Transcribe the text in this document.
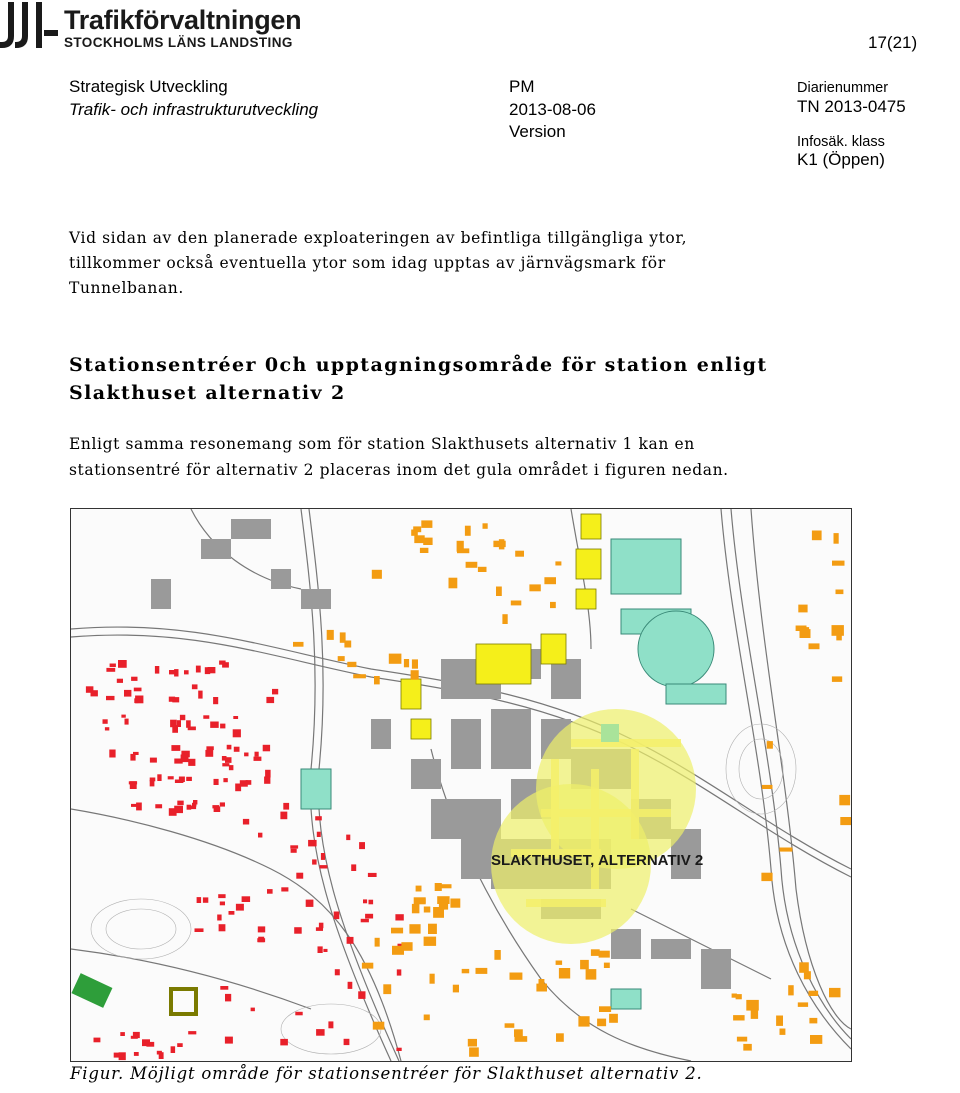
Trafikförvaltningen
STOCKHOLMS LÄNS LANDSTING	17(21)
Strategisk Utveckling
Trafik- och infrastrukturutveckling
PM
2013-08-06
Version
Diarienummer
TN 2013-0475
Infosäk. klass
K1 (Öppen)
Vid sidan av den planerade exploateringen av befintliga tillgängliga ytor,
tillkommer också eventuella ytor som idag upptas av järnvägsmark för
Tunnelbanan.
Stationsentréer 0ch upptagningsområde för station enligt
Slakthuset alternativ 2
Enligt samma resonemang som för station Slakthusets alternativ 1 kan en
stationsentré för alternativ 2 placeras inom det gula området i figuren nedan.
SLAKTHUSET, ALTERNATIV 2
Figur. Möjligt område för stationsentréer för Slakthuset alternativ 2.
